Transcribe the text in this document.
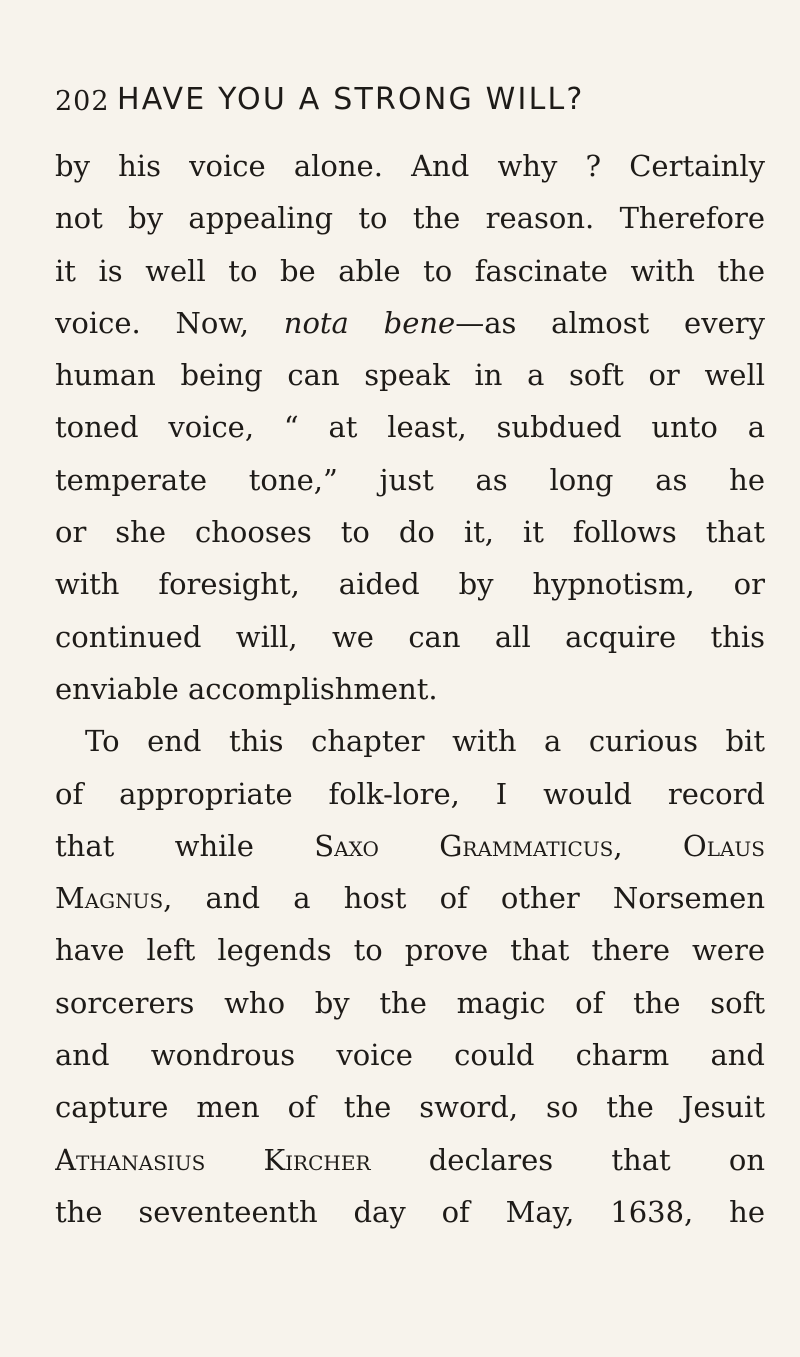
202 HAVE YOU A STRONG WILL?
by his voice alone. And why ? Certainly
not by appealing to the reason. Therefore
it is well to be able to fascinate with the
voice. Now, nota bene—as almost every
human being can speak in a soft or well
toned voice, “ at least, subdued unto a
temperate tone,” just as long as he
or she chooses to do it, it follows that
with foresight, aided by hypnotism, or
continued will, we can all acquire this
enviable accomplishment.
To end this chapter with a curious bit
of appropriate folk-lore, I would record
that while Saxo Grammaticus, Olaus
Magnus, and a host of other Norsemen
have left legends to prove that there were
sorcerers who by the magic of the soft
and wondrous voice could charm and
capture men of the sword, so the Jesuit
Athanasius Kircher declares that on
the seventeenth day of May, 1638, he
